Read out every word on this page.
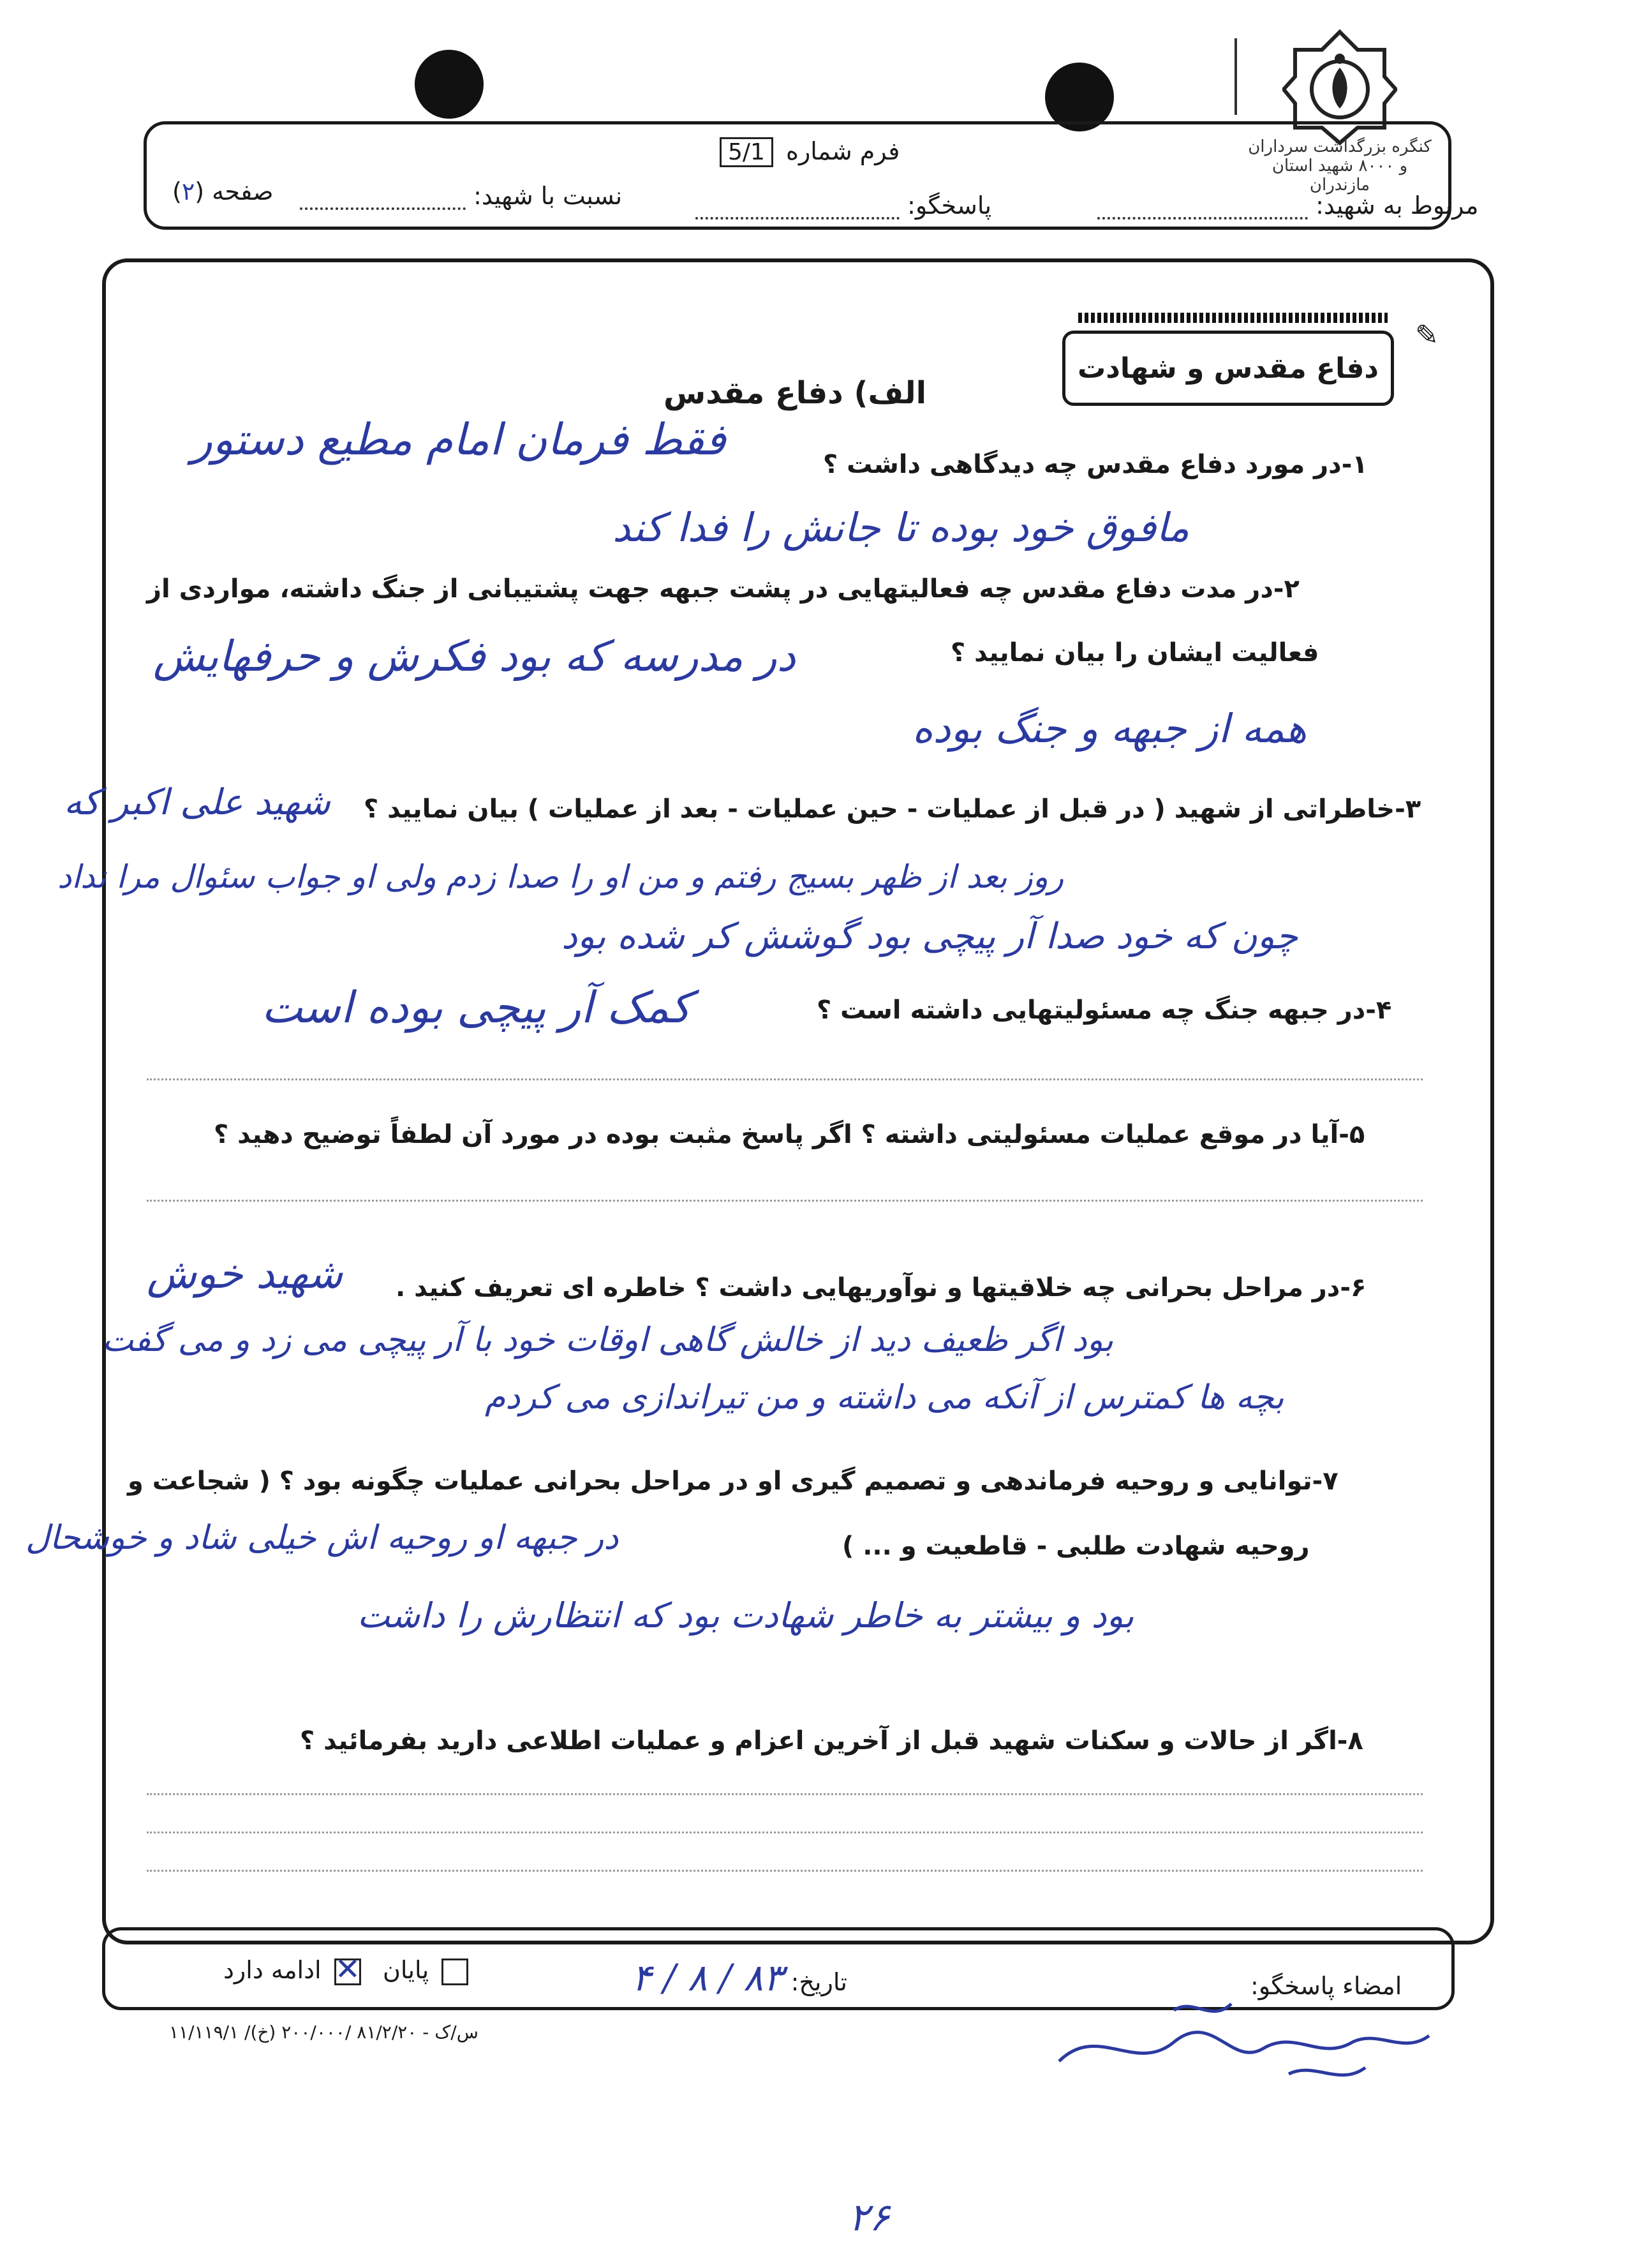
کنگره بزرگداشت سرداران و ۸۰۰۰ شهید استان مازندران
فرم شماره 5/1
صفحه (۲)	مربوط به شهید:
پاسخگو:
نسبت با شهید:
✎
دفاع مقدس و شهادت
الف) دفاع مقدس
۱-در مورد دفاع مقدس چه دیدگاهی داشت ؟
فقط فرمان امام مطیع دستور
مافوق خود بوده تا جانش را فدا کند
۲-در مدت دفاع مقدس چه فعالیتهایی در پشت جبهه جهت پشتیبانی از جنگ داشته، مواردی از
فعالیت ایشان را بیان نمایید ؟
در مدرسه که بود فکرش و حرفهایش
همه از جبهه و جنگ بوده
۳-خاطراتی از شهید ( در قبل از عملیات - حین عملیات - بعد از عملیات ) بیان نمایید ؟
شهید علی اکبر که
روز بعد از ظهر بسیج رفتم و من او را صدا زدم ولی او جواب سئوال مرا نداد
چون که خود صدا آر پیچی بود گوشش کر شده بود
۴-در جبهه جنگ چه مسئولیتهایی داشته است ؟
کمک آر پیچی بوده است
۵-آیا در موقع عملیات مسئولیتی داشته ؟ اگر پاسخ مثبت بوده در مورد آن لطفاً توضیح دهید ؟
۶-در مراحل بحرانی چه خلاقیتها و نوآوریهایی داشت ؟ خاطره ای تعریف کنید .
شهید خوش
بود اگر ظعیف دید از خالش گاهی اوقات خود با آر پیچی می زد و می گفت
بچه ها کمترس از آنکه می داشته و من تیراندازی می کردم
۷-توانایی و روحیه فرماندهی و تصمیم گیری او در مراحل بحرانی عملیات چگونه بود ؟ ( شجاعت و
روحیه شهادت طلبی - قاطعیت و ... )
در جبهه او روحیه اش خیلی شاد و خوشحال
بود و بیشتر به خاطر شهادت بود که انتظارش را داشت
۸-اگر از حالات و سکنات شهید قبل از آخرین اعزام و عملیات اطلاعی دارید بفرمائید ؟
✕ ادامه دارد	پایان	تاریخ: ۸۳ / ۸ / ۴	امضاء پاسخگو:
۱۱/۱۱۹/۱ /س/ک - ۸۱/۲/۲۰ /۲۰۰/۰۰۰ (خ)
۲۶
